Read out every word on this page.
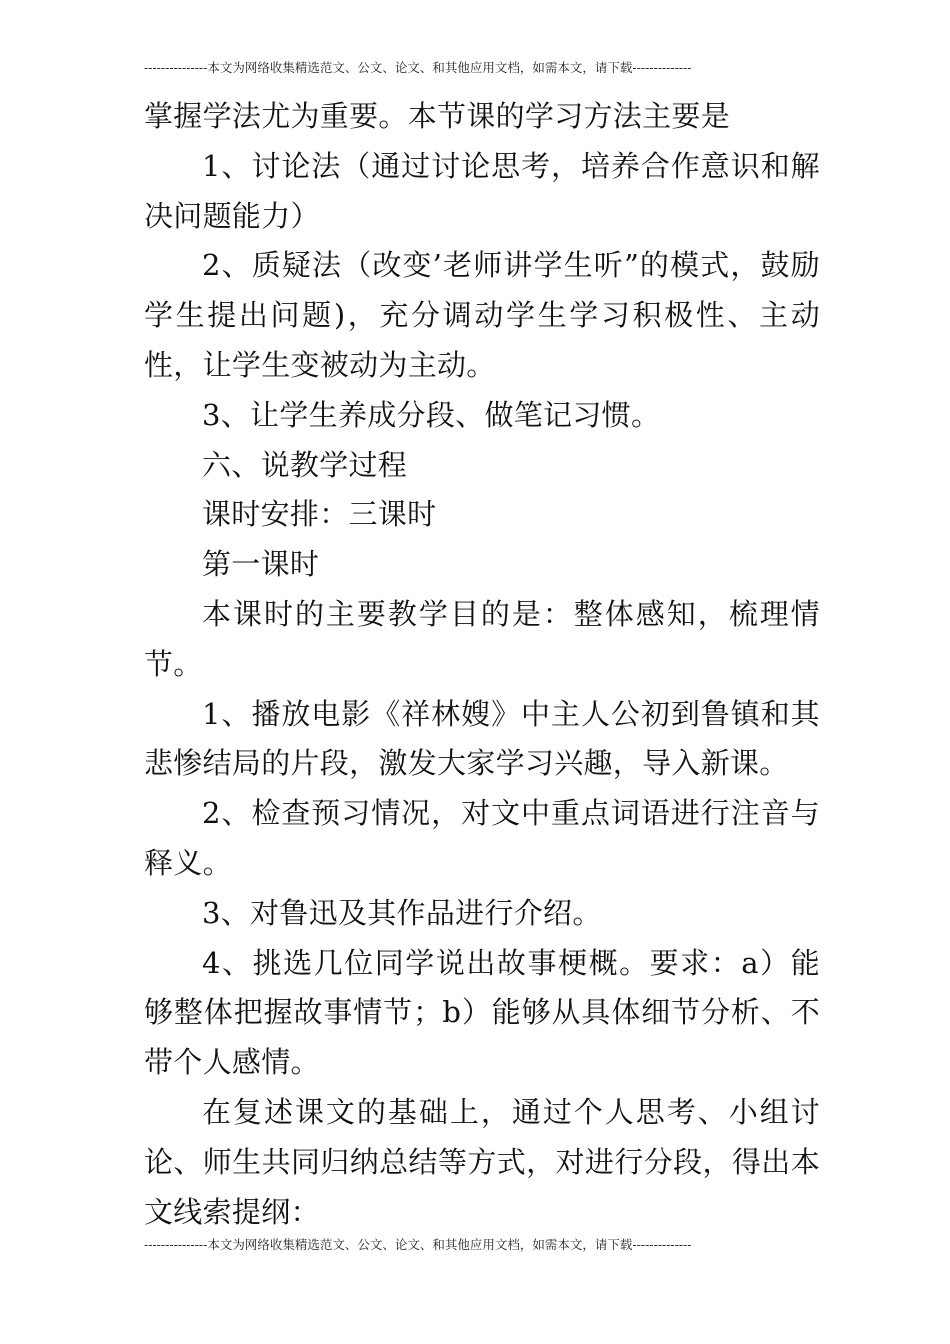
---------------本文为网络收集精选范文、公文、论文、和其他应用文档，如需本文，请下载--------------

掌握学法尤为重要。本节课的学习方法主要是

1、讨论法（通过讨论思考，培养合作意识和解决问题能力）

2、质疑法（改变’老师讲学生听”的模式，鼓励学生提出问题)，充分调动学生学习积极性、主动性，让学生变被动为主动。

3、让学生养成分段、做笔记习惯。

六、说教学过程

课时安排：三课时

第一课时

本课时的主要教学目的是：整体感知，梳理情节。

1、播放电影《祥林嫂》中主人公初到鲁镇和其悲惨结局的片段，激发大家学习兴趣，导入新课。

2、检查预习情况，对文中重点词语进行注音与释义。

3、对鲁迅及其作品进行介绍。

4、挑选几位同学说出故事梗概。要求：a）能够整体把握故事情节；b）能够从具体细节分析、不带个人感情。

在复述课文的基础上，通过个人思考、小组讨论、师生共同归纳总结等方式，对进行分段，得出本文线索提纲：

---------------本文为网络收集精选范文、公文、论文、和其他应用文档，如需本文，请下载--------------
